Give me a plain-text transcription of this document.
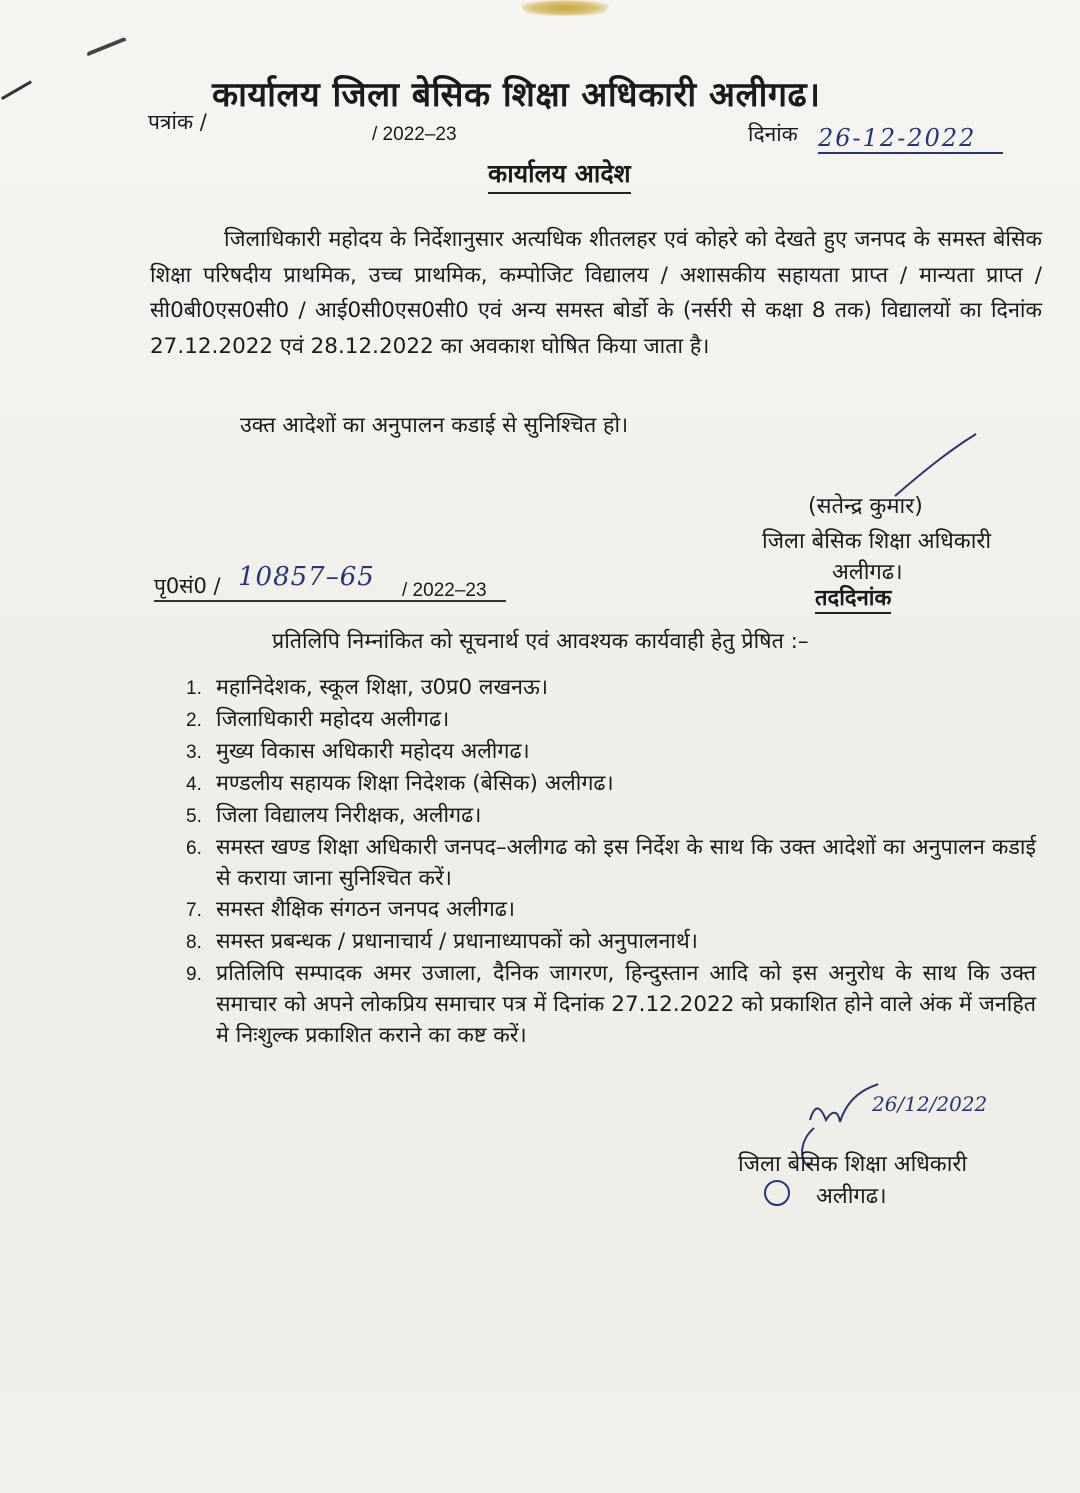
कार्यालय जिला बेसिक शिक्षा अधिकारी अलीगढ।
पत्रांक /
/ 2022–23	दिनांक 26-12-2022
कार्यालय आदेश
जिलाधिकारी महोदय के निर्देशानुसार अत्यधिक शीतलहर एवं कोहरे को देखते हुए जनपद के समस्त बेसिक शिक्षा परिषदीय प्राथमिक, उच्च प्राथमिक, कम्पोजिट विद्यालय / अशासकीय सहायता प्राप्त / मान्यता प्राप्त / सी0बी0एस0सी0 / आई0सी0एस0सी0 एवं अन्य समस्त बोर्डो के (नर्सरी से कक्षा 8 तक) विद्यालयों का दिनांक 27.12.2022 एवं 28.12.2022 का अवकाश घोषित किया जाता है।
उक्त आदेशों का अनुपालन कडाई से सुनिश्चित हो।
(सतेन्द्र कुमार)
जिला बेसिक शिक्षा अधिकारी
अलीगढ।
पृ0सं0 / 10857–65 / 2022–23	तददिनांक
प्रतिलिपि निम्नांकित को सूचनार्थ एवं आवश्यक कार्यवाही हेतु प्रेषित :–
1. महानिदेशक, स्कूल शिक्षा, उ0प्र0 लखनऊ।
2. जिलाधिकारी महोदय अलीगढ।
3. मुख्य विकास अधिकारी महोदय अलीगढ।
4. मण्डलीय सहायक शिक्षा निदेशक (बेसिक) अलीगढ।
5. जिला विद्यालय निरीक्षक, अलीगढ।
6. समस्त खण्ड शिक्षा अधिकारी जनपद–अलीगढ को इस निर्देश के साथ कि उक्त आदेशों का अनुपालन कडाई से कराया जाना सुनिश्चित करें।
7. समस्त शैक्षिक संगठन जनपद अलीगढ।
8. समस्त प्रबन्धक / प्रधानाचार्य / प्रधानाध्यापकों को अनुपालनार्थ।
9. प्रतिलिपि सम्पादक अमर उजाला, दैनिक जागरण, हिन्दुस्तान आदि को इस अनुरोध के साथ कि उक्त समाचार को अपने लोकप्रिय समाचार पत्र में दिनांक 27.12.2022 को प्रकाशित होने वाले अंक में जनहित मे निःशुल्क प्रकाशित कराने का कष्ट करें।
26/12/2022
जिला बेसिक शिक्षा अधिकारी
अलीगढ।
